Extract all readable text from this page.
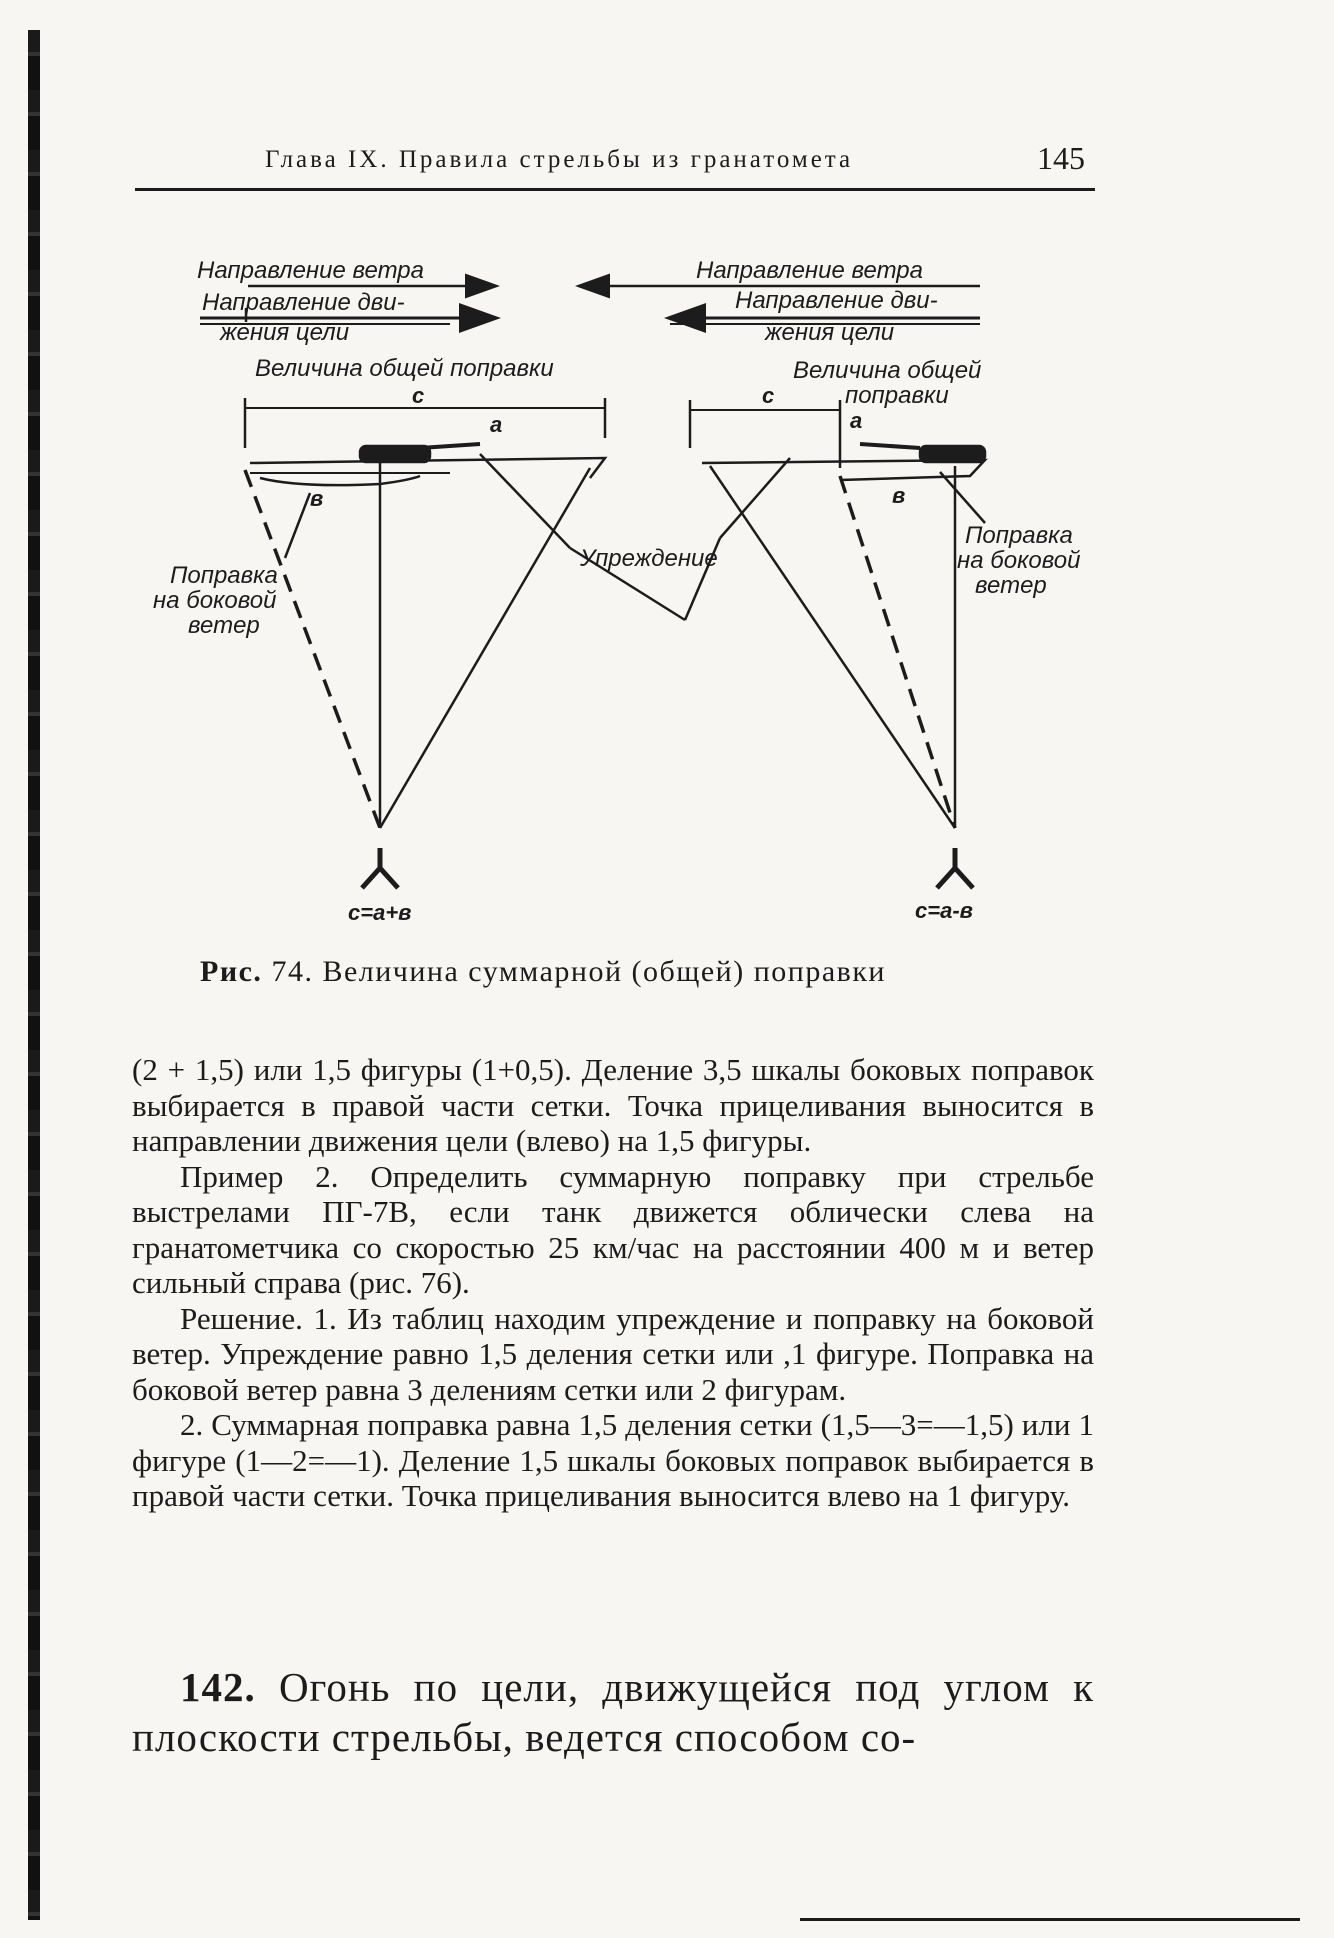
Глава IX. Правила стрельбы из гранатомета	145
Направление ветра
Направление дви-
жения цели
Величина общей поправки
с
а
в
Поправка
на боковой
ветер
с=а+в
Упреждение
Направление ветра
Направление дви-
жения цели
Величина общей
поправки
с
а
в
Поправка
на боковой
ветер
с=а-в
Рис. 74. Величина суммарной (общей) поправки

(2 + 1,5) или 1,5 фигуры (1+0,5). Деление 3,5 шкалы боковых поправок выбирается в правой части сетки. Точка прицеливания выносится в направлении движения цели (влево) на 1,5 фигуры.

Пример 2. Определить суммарную поправку при стрельбе выстрелами ПГ-7В, если танк движется облически слева на гранатометчика со скоростью 25 км/час на расстоянии 400 м и ветер сильный справа (рис. 76).

Решение. 1. Из таблиц находим упреждение и поправку на боковой ветер. Упреждение равно 1,5 деления сетки или ,1 фигуре. Поправка на боковой ветер равна 3 делениям сетки или 2 фигурам.

2. Суммарная поправка равна 1,5 деления сетки (1,5—3=—1,5) или 1 фигуре (1—2=—1). Деление 1,5 шкалы боковых поправок выбирается в правой части сетки. Точка прицеливания выносится влево на 1 фигуру.

142. Огонь по цели, движущейся под углом к плоскости стрельбы, ведется способом со-
